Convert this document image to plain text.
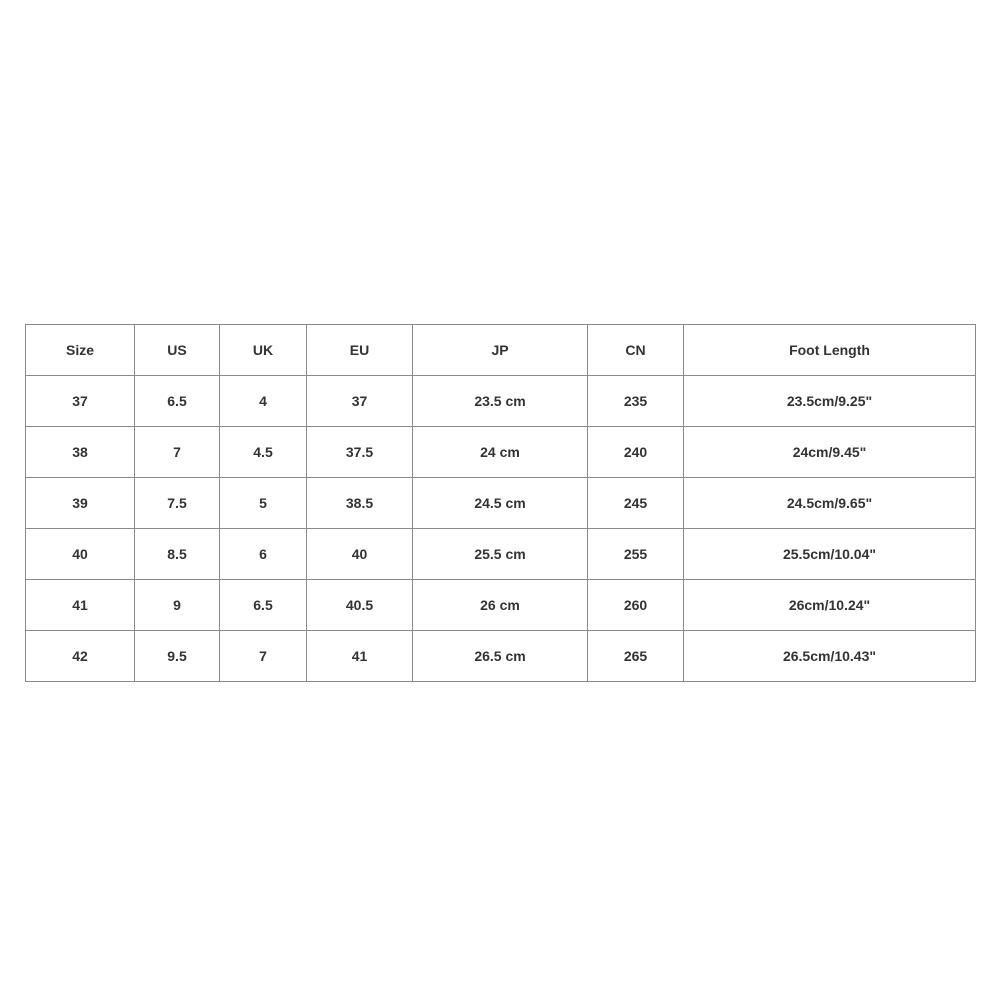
Size	US	UK	EU	JP	CN	Foot Length
37	6.5	4	37	23.5 cm	235	23.5cm/9.25"
38	7	4.5	37.5	24 cm	240	24cm/9.45"
39	7.5	5	38.5	24.5 cm	245	24.5cm/9.65"
40	8.5	6	40	25.5 cm	255	25.5cm/10.04"
41	9	6.5	40.5	26 cm	260	26cm/10.24"
42	9.5	7	41	26.5 cm	265	26.5cm/10.43"
